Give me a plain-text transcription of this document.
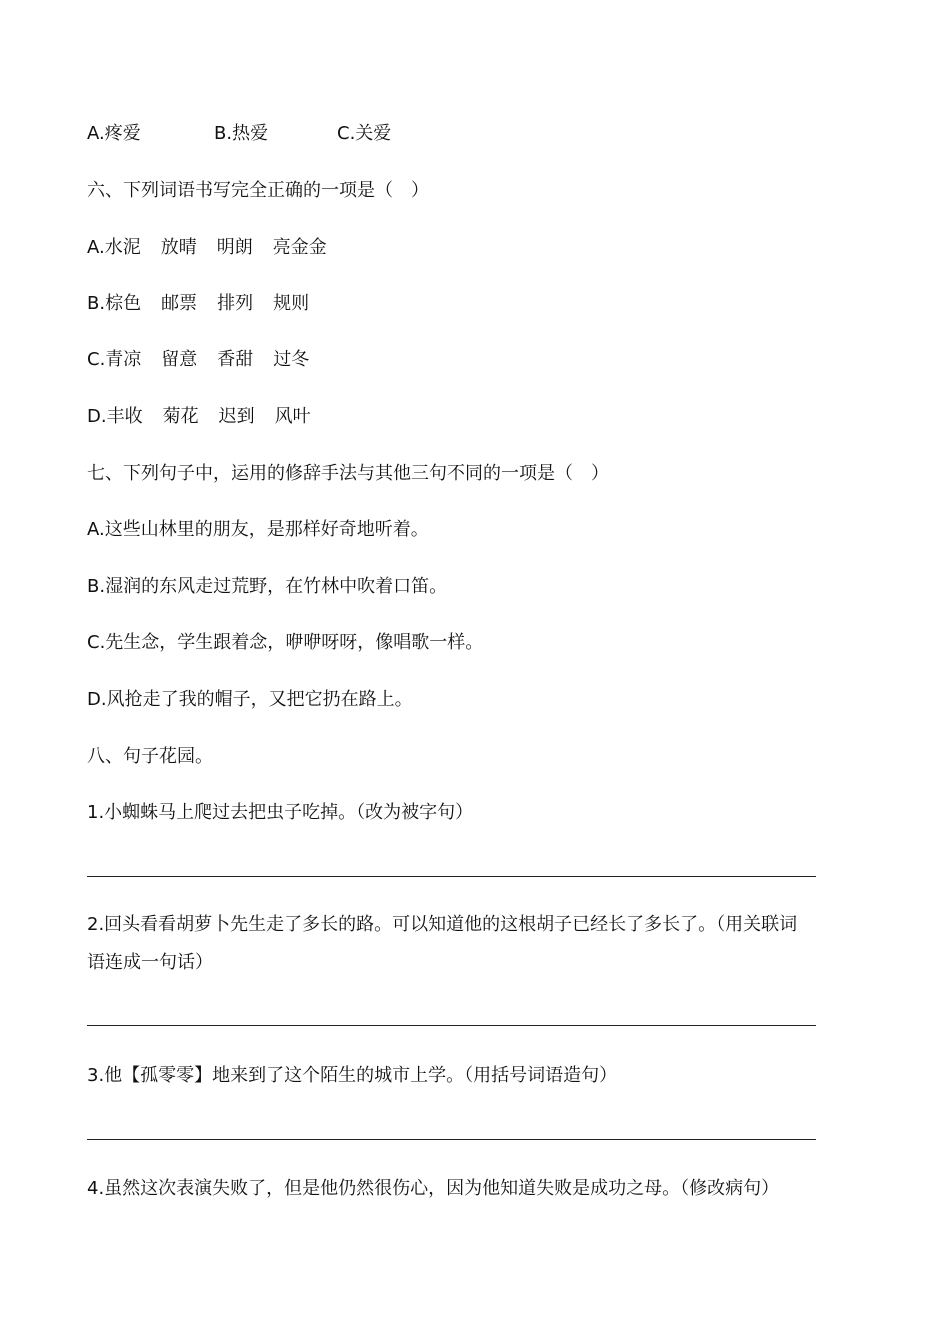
A.疼爱	B.热爱	C.关爱
六、下列词语书写完全正确的一项是（　）
A.水泥 放晴 明朗 亮金金
B.棕色 邮票 排列 规则
C.青凉 留意 香甜 过冬
D.丰收 菊花 迟到 风叶
七、下列句子中，运用的修辞手法与其他三句不同的一项是（　）
A.这些山林里的朋友，是那样好奇地听着。
B.湿润的东风走过荒野，在竹林中吹着口笛。
C.先生念，学生跟着念，咿咿呀呀，像唱歌一样。
D.风抢走了我的帽子，又把它扔在路上。
八、句子花园。
1.小蜘蛛马上爬过去把虫子吃掉。（改为被字句）
2.回头看看胡萝卜先生走了多长的路。可以知道他的这根胡子已经长了多长了。（用关联词
语连成一句话）
3.他【孤零零】地来到了这个陌生的城市上学。（用括号词语造句）
4.虽然这次表演失败了，但是他仍然很伤心，因为他知道失败是成功之母。（修改病句）
